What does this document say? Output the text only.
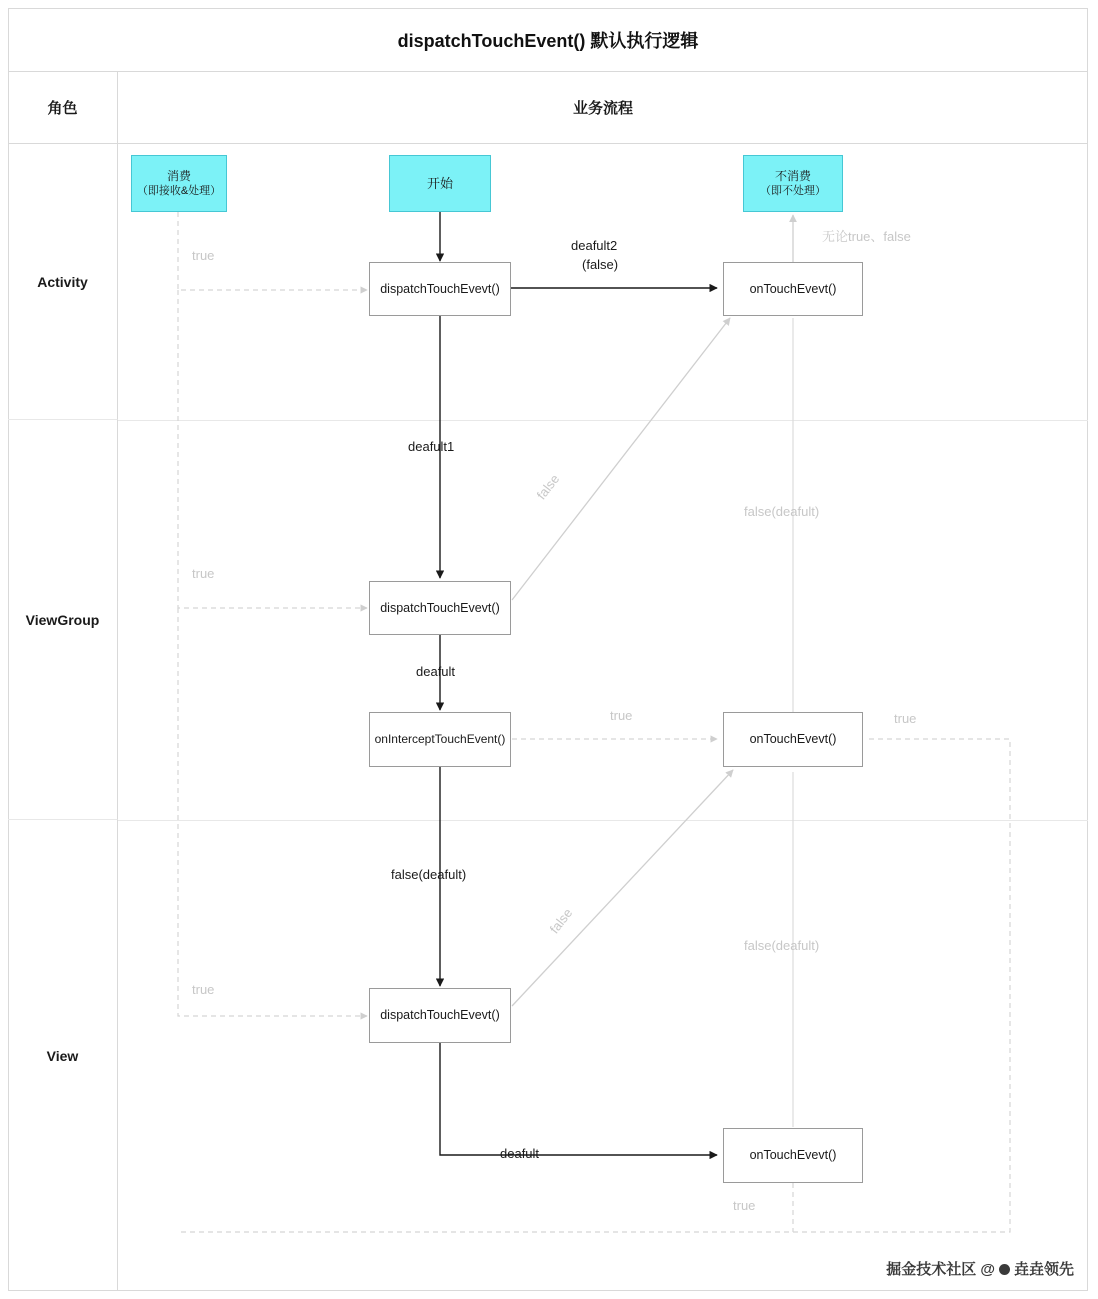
dispatchTouchEvent() 默认执行逻辑
角色	业务流程
Activity
ViewGroup
View
消费
（即接收&处理）
开始	不消费
（即不处理）
dispatchTouchEvevt()	onTouchEvevt()
dispatchTouchEvevt()
onInterceptTouchEvent()	onTouchEvevt()
dispatchTouchEvevt()
onTouchEvevt()
true
deafult2
(false)
无论true、false
deafult1
false
false(deafult)
true
deafult
true	true
false(deafult)
false
false(deafult)
true
deafult
true
掘金技术社区 @ 垚垚领先
